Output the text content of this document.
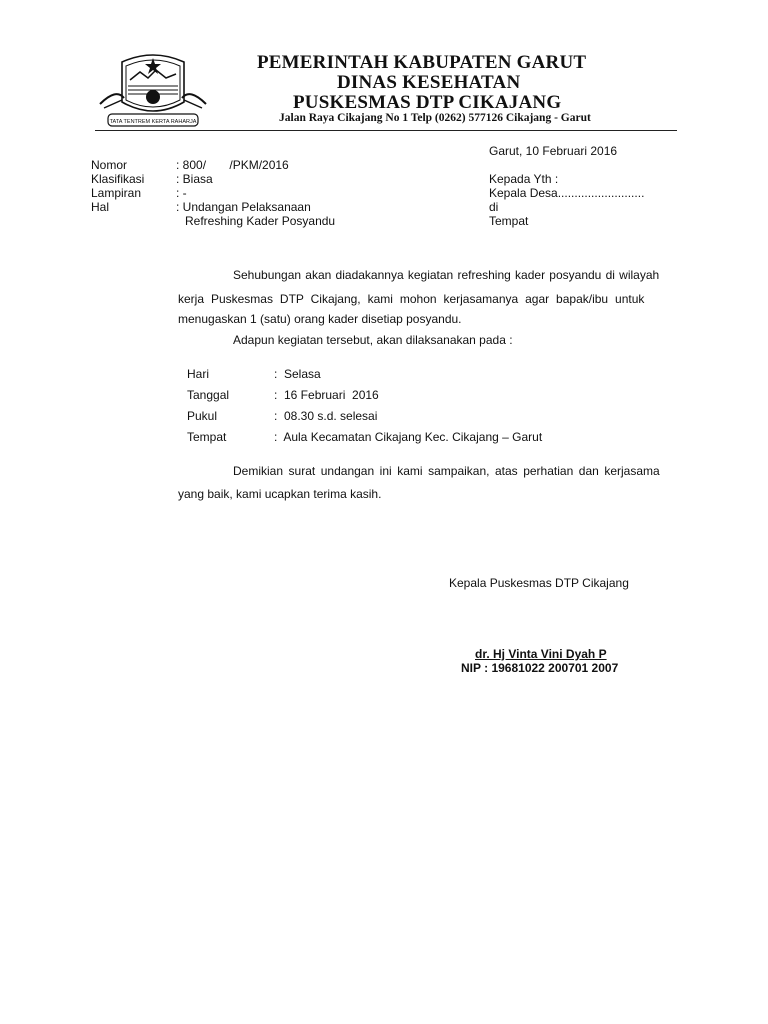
TATA TENTREM KERTA RAHARJA
PEMERINTAH KABUPATEN GARUT
DINAS KESEHATAN
PUSKESMAS DTP CIKAJANG
Jalan Raya Cikajang No 1 Telp (0262) 577126 Cikajang - Garut
Garut, 10 Februari 2016
Nomor	: 800/       /PKM/2016
Klasifikasi	: Biasa
Lampiran	: -
Hal	: Undangan Pelaksanaan
Refreshing Kader Posyandu
Kepada Yth :
Kepala Desa..........................
di
Tempat
Sehubungan akan diadakannya kegiatan refreshing kader posyandu di wilayah
kerja Puskesmas DTP Cikajang, kami mohon kerjasamanya agar bapak/ibu untuk
menugaskan 1 (satu) orang kader disetiap posyandu.
Adapun kegiatan tersebut, akan dilaksanakan pada :
Hari	:  Selasa
Tanggal	:  16 Februari  2016
Pukul	:  08.30 s.d. selesai
Tempat	:  Aula Kecamatan Cikajang Kec. Cikajang – Garut
Demikian surat undangan ini kami sampaikan, atas perhatian dan kerjasama
yang baik, kami ucapkan terima kasih.
Kepala Puskesmas DTP Cikajang
dr. Hj Vinta Vini Dyah P
NIP : 19681022 200701 2007
